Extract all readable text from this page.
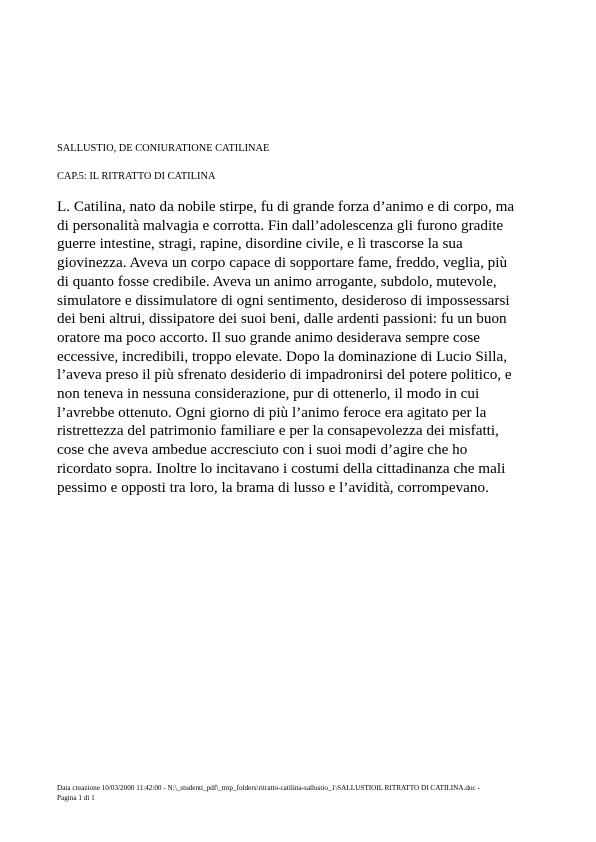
SALLUSTIO, DE CONIURATIONE CATILINAE

CAP.5: IL RITRATTO DI CATILINA

L. Catilina, nato da nobile stirpe, fu di grande forza d’animo e di corpo, ma
di personalità malvagia e corrotta. Fin dall’adolescenza gli furono gradite
guerre intestine, stragi, rapine, disordine civile, e lì trascorse la sua
giovinezza. Aveva un corpo capace di sopportare fame, freddo, veglia, più
di quanto fosse credibile. Aveva un animo arrogante, subdolo, mutevole,
simulatore e dissimulatore di ogni sentimento, desideroso di impossessarsi
dei beni altrui, dissipatore dei suoi beni, dalle ardenti passioni: fu un buon
oratore ma poco accorto. Il suo grande animo desiderava sempre cose
eccessive, incredibili, troppo elevate. Dopo la dominazione di Lucio Silla,
l’aveva preso il più sfrenato desiderio di impadronirsi del potere politico, e
non teneva in nessuna considerazione, pur di ottenerlo, il modo in cui
l’avrebbe ottenuto. Ogni giorno di più l’animo feroce era agitato per la
ristrettezza del patrimonio familiare e per la consapevolezza dei misfatti,
cose che aveva ambedue accresciuto con i suoi modi d’agire che ho
ricordato sopra. Inoltre lo incitavano i costumi della cittadinanza che mali
pessimo e opposti tra loro, la brama di lusso e l’avidità, corrompevano.
Data creazione 10/03/2000 11:42:00 - N:\_studenti_pdf\_tmp_folders\ritratto-catilina-sallustio_1\SALLUSTIOIL RITRATTO DI CATILINA.doc -
Pagina 1 di 1
